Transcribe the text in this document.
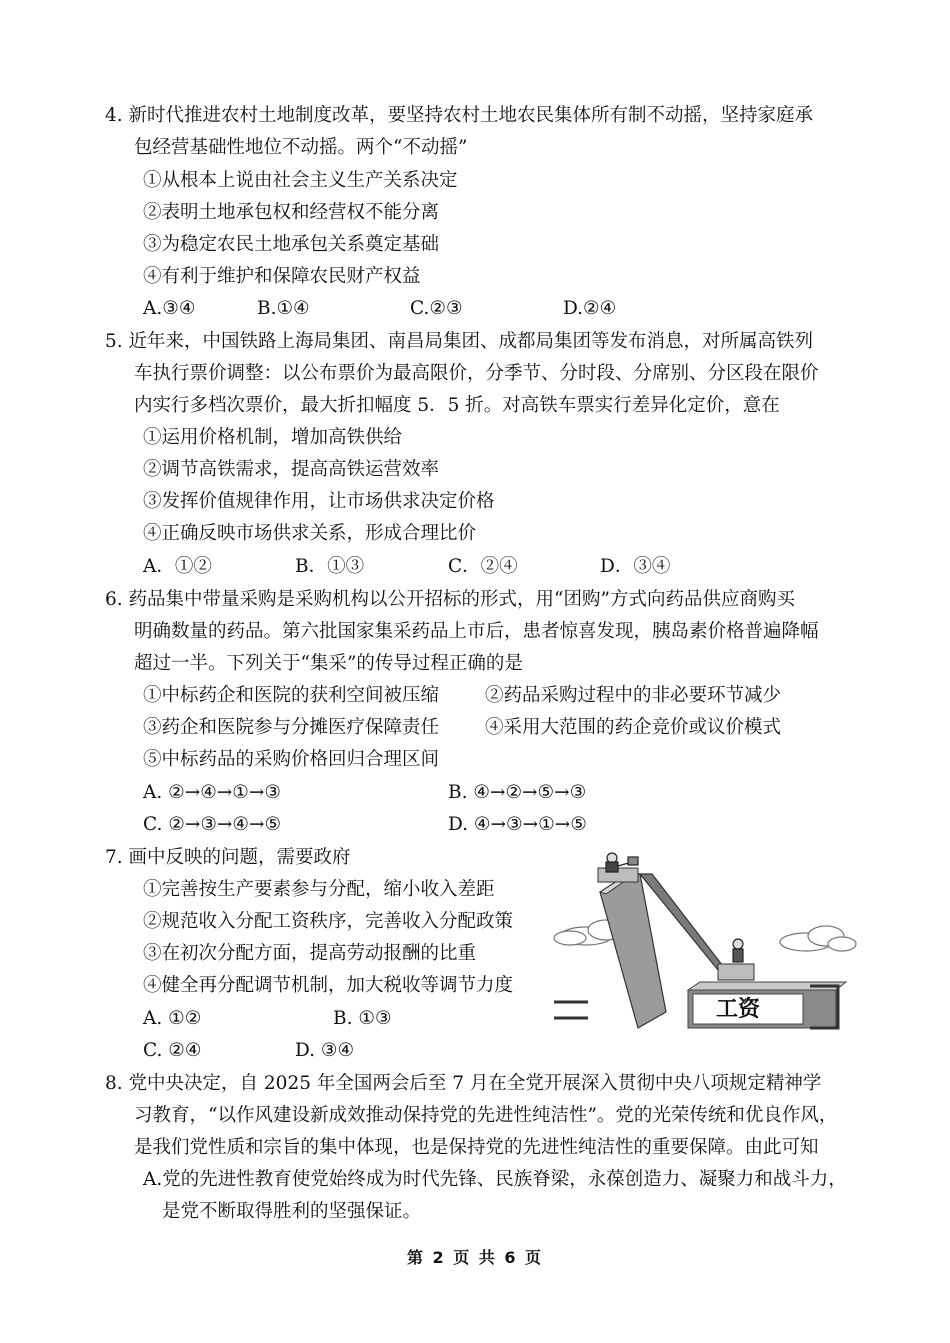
4. 新时代推进农村土地制度改革，要坚持农村土地农民集体所有制不动摇，坚持家庭承
包经营基础性地位不动摇。两个“不动摇”
①从根本上说由社会主义生产关系决定
②表明土地承包权和经营权不能分离
③为稳定农民土地承包关系奠定基础
④有利于维护和保障农民财产权益
A.③④	B.①④	C.②③	D.②④
5. 近年来，中国铁路上海局集团、南昌局集团、成都局集团等发布消息，对所属高铁列
车执行票价调整：以公布票价为最高限价，分季节、分时段、分席别、分区段在限价
内实行多档次票价，最大折扣幅度 5．5 折。对高铁车票实行差异化定价，意在
①运用价格机制，增加高铁供给
②调节高铁需求，提高高铁运营效率
③发挥价值规律作用，让市场供求决定价格
④正确反映市场供求关系，形成合理比价
A．①②	B．①③	C．②④	D．③④
6. 药品集中带量采购是采购机构以公开招标的形式，用“团购”方式向药品供应商购买
明确数量的药品。第六批国家集采药品上市后，患者惊喜发现，胰岛素价格普遍降幅
超过一半。下列关于“集采”的传导过程正确的是
①中标药企和医院的获利空间被压缩 ②药品采购过程中的非必要环节减少
③药企和医院参与分摊医疗保障责任 ④采用大范围的药企竞价或议价模式
⑤中标药品的采购价格回归合理区间
A. ②→④→①→③	B. ④→②→⑤→③
C. ②→③→④→⑤	D. ④→③→①→⑤
7. 画中反映的问题，需要政府
①完善按生产要素参与分配，缩小收入差距
②规范收入分配工资秩序，完善收入分配政策
③在初次分配方面，提高劳动报酬的比重
④健全再分配调节机制，加大税收等调节力度
A. ①②	B. ①③
C. ②④	D. ③④
工资
8. 党中央决定，自 2025 年全国两会后至 7 月在全党开展深入贯彻中央八项规定精神学
习教育，“以作风建设新成效推动保持党的先进性纯洁性”。党的光荣传统和优良作风，
是我们党性质和宗旨的集中体现，也是保持党的先进性纯洁性的重要保障。由此可知
A.党的先进性教育使党始终成为时代先锋、民族脊梁，永葆创造力、凝聚力和战斗力，
是党不断取得胜利的坚强保证。
第 2 页 共 6 页
